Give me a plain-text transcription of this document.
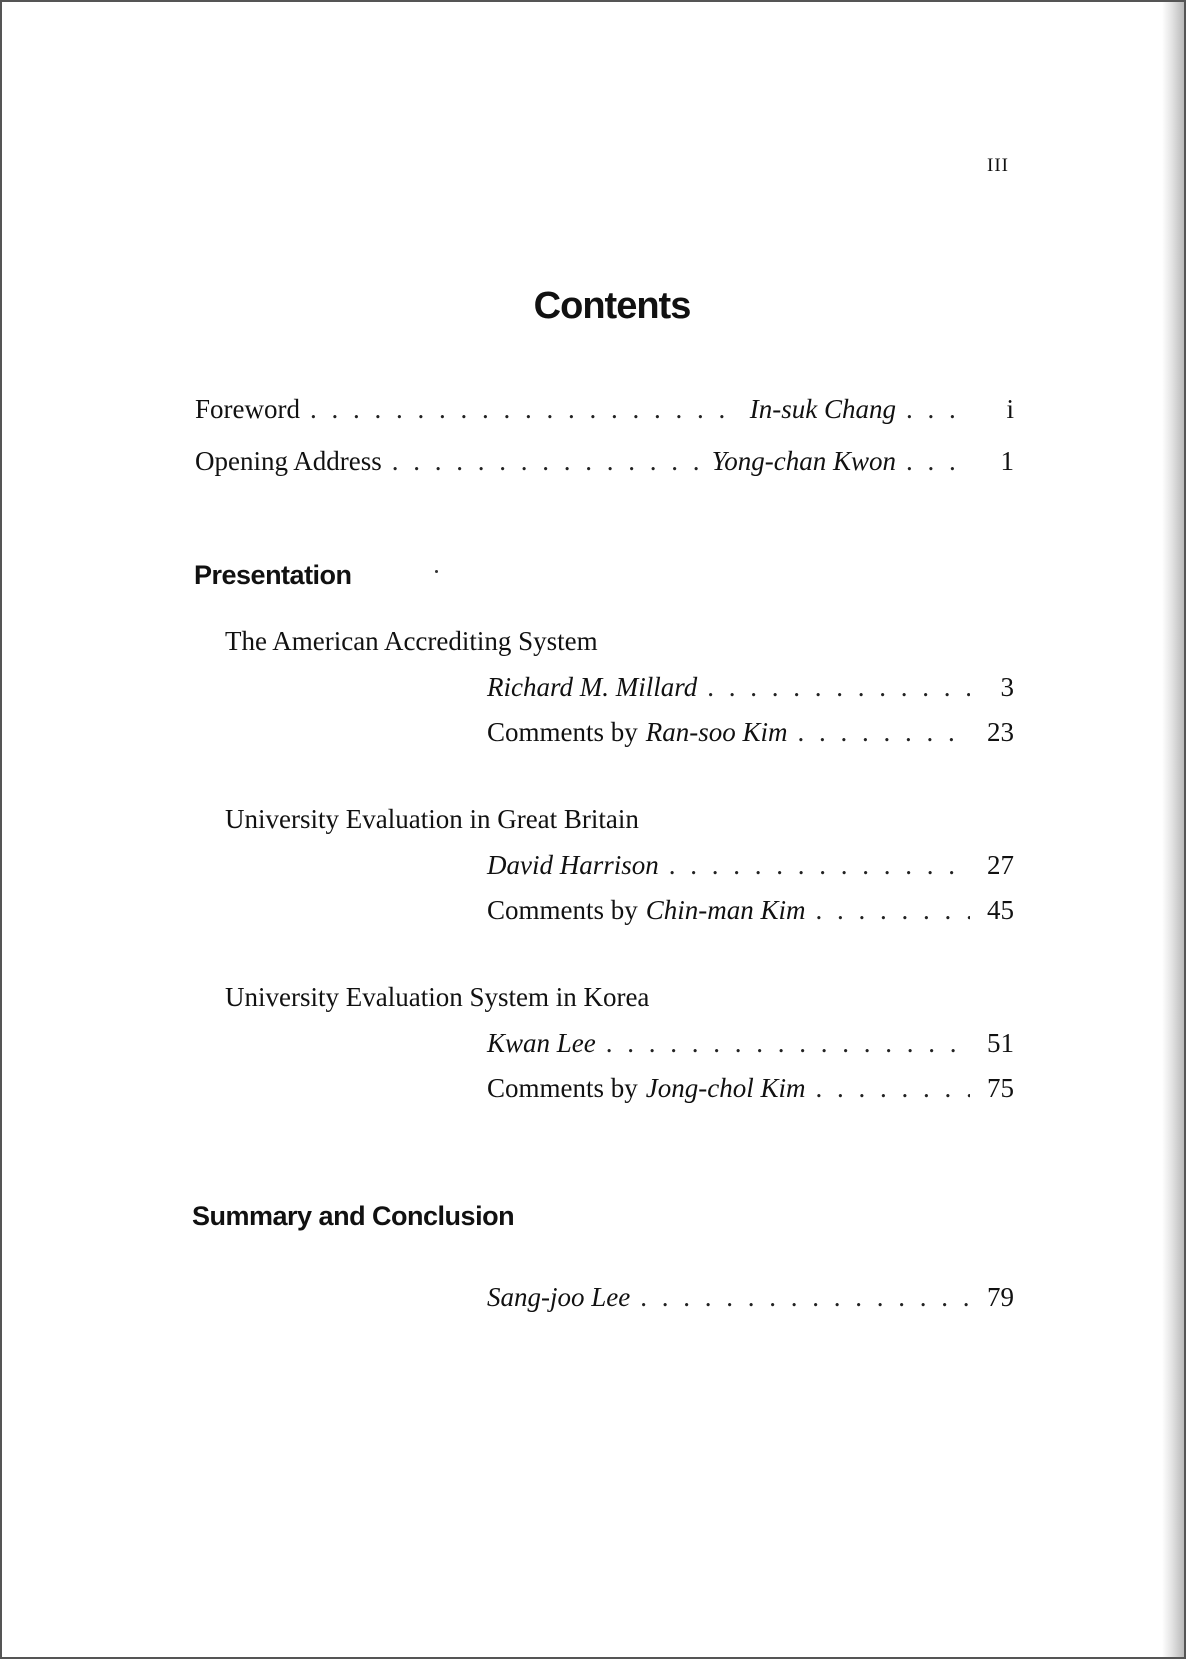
III
Contents
Foreword . . .	In-suk Chang . . .	i
Opening Address . . .	Yong-chan Kwon . . .	1
Presentation
The American Accrediting System
Richard M. Millard . . .	3
Comments by Ran-soo Kim . . .	23
University Evaluation in Great Britain
David Harrison . . .	27
Comments by Chin-man Kim . . .	45
University Evaluation System in Korea
Kwan Lee . . .	51
Comments by Jong-chol Kim . . .	75
Summary and Conclusion
Sang-joo Lee . . .	79
